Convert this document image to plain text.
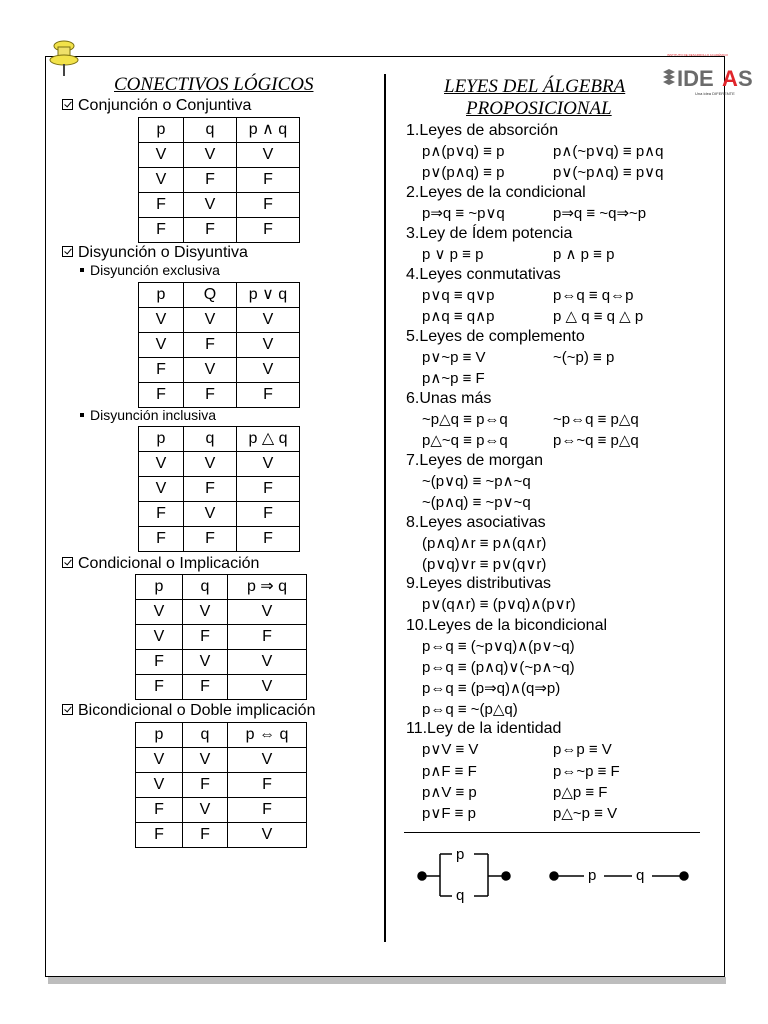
IDE A S
INSTITUTO DE DESARROLLO ACADÉMICO
Una idea DIFERENTE
CONECTIVOS LÓGICOS
Conjunción o Conjuntiva
p	q	p ∧ q
V	V	V
V	F	F
F	V	F
F	F	F
Disyunción o Disyuntiva
Disyunción exclusiva
p	Q	p ∨ q
V	V	V
V	F	V
F	V	V
F	F	F
Disyunción inclusiva
p	q	p △ q
V	V	V
V	F	F
F	V	F
F	F	F
Condicional o Implicación
p	q	p ⇒ q
V	V	V
V	F	F
F	V	V
F	F	V
Bicondicional o Doble implicación
p	q	p ⇔ q
V	V	V
V	F	F
F	V	F
F	F	V
LEYES DEL ÁLGEBRA
PROPOSICIONAL
1.Leyes de absorción
p∧(p∨q) ≡ p	p∧(~p∨q) ≡ p∧q
p∨(p∧q) ≡ p	p∨(~p∧q) ≡ p∨q
2.Leyes de la condicional
p⇒q ≡ ~p∨q	p⇒q ≡ ~q⇒~p
3.Ley de Ídem potencia
p ∨ p ≡ p	p ∧ p ≡ p
4.Leyes conmutativas
p∨q ≡ q∨p	p⇔q ≡ q⇔p
p∧q ≡ q∧p	p △ q ≡ q △ p
5.Leyes de complemento
p∨~p ≡ V	~(~p) ≡ p
p∧~p ≡ F
6.Unas más
~p△q ≡ p⇔q	~p⇔q ≡ p△q
p△~q ≡ p⇔q	p⇔~q ≡ p△q
7.Leyes de morgan
~(p∨q) ≡ ~p∧~q
~(p∧q) ≡ ~p∨~q
8.Leyes asociativas
(p∧q)∧r ≡ p∧(q∧r)
(p∨q)∨r ≡ p∨(q∨r)
9.Leyes distributivas
p∨(q∧r) ≡ (p∨q)∧(p∨r)
10.Leyes de la bicondicional
p⇔q ≡ (~p∨q)∧(p∨~q)
p⇔q ≡ (p∧q)∨(~p∧~q)
p⇔q ≡ (p⇒q)∧(q⇒p)
p⇔q ≡ ~(p△q)
11.Ley de la identidad
p∨V ≡ V	p⇔p ≡ V
p∧F ≡ F	p⇔~p ≡ F
p∧V ≡ p	p△p ≡ F
p∨F ≡ p	p△~p ≡ V
p
q
p	q
